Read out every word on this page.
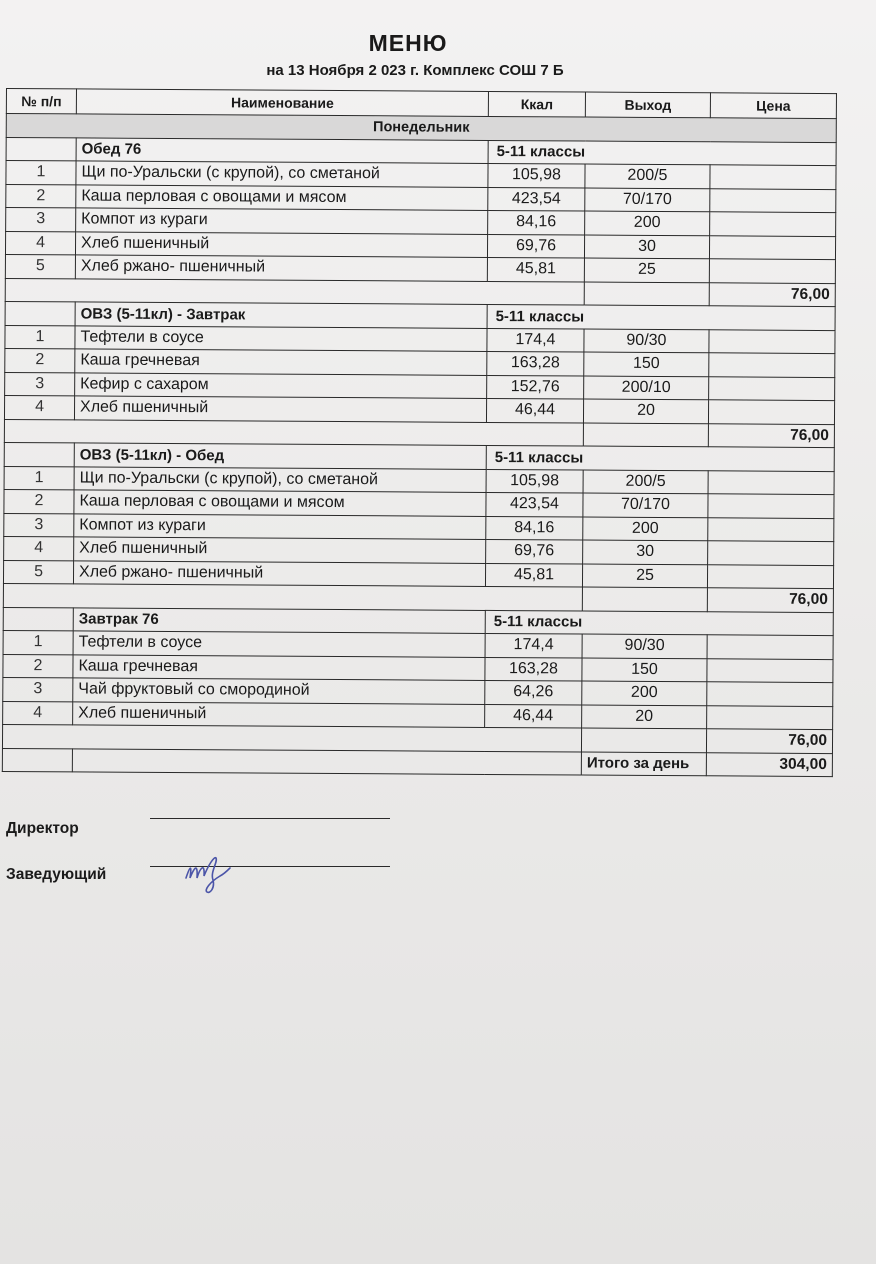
МЕНЮ
на 13 Ноября 2 023 г. Комплекс СОШ 7 Б
№ п/п	Наименование	Ккал	Выход	Цена
Понедельник				
	Обед 76	5-11 классы		
1	Щи по-Уральски (с крупой), со сметаной	105,98	200/5	
2	Каша перловая с овощами и мясом	423,54	70/170	
3	Компот из кураги	84,16	200	
4	Хлеб пшеничный	69,76	30	
5	Хлеб ржано- пшеничный	45,81	25	
				76,00
	ОВЗ (5-11кл) - Завтрак	5-11 классы		
1	Тефтели в соусе	174,4	90/30	
2	Каша гречневая	163,28	150	
3	Кефир с сахаром	152,76	200/10	
4	Хлеб пшеничный	46,44	20	
				76,00
	ОВЗ (5-11кл) - Обед	5-11 классы		
1	Щи по-Уральски (с крупой), со сметаной	105,98	200/5	
2	Каша перловая с овощами и мясом	423,54	70/170	
3	Компот из кураги	84,16	200	
4	Хлеб пшеничный	69,76	30	
5	Хлеб ржано- пшеничный	45,81	25	
				76,00
	Завтрак 76	5-11 классы		
1	Тефтели в соусе	174,4	90/30	
2	Каша гречневая	163,28	150	
3	Чай фруктовый со смородиной	64,26	200	
4	Хлеб пшеничный	46,44	20	
				76,00
			Итого за день	304,00
Директор
Заведующий
